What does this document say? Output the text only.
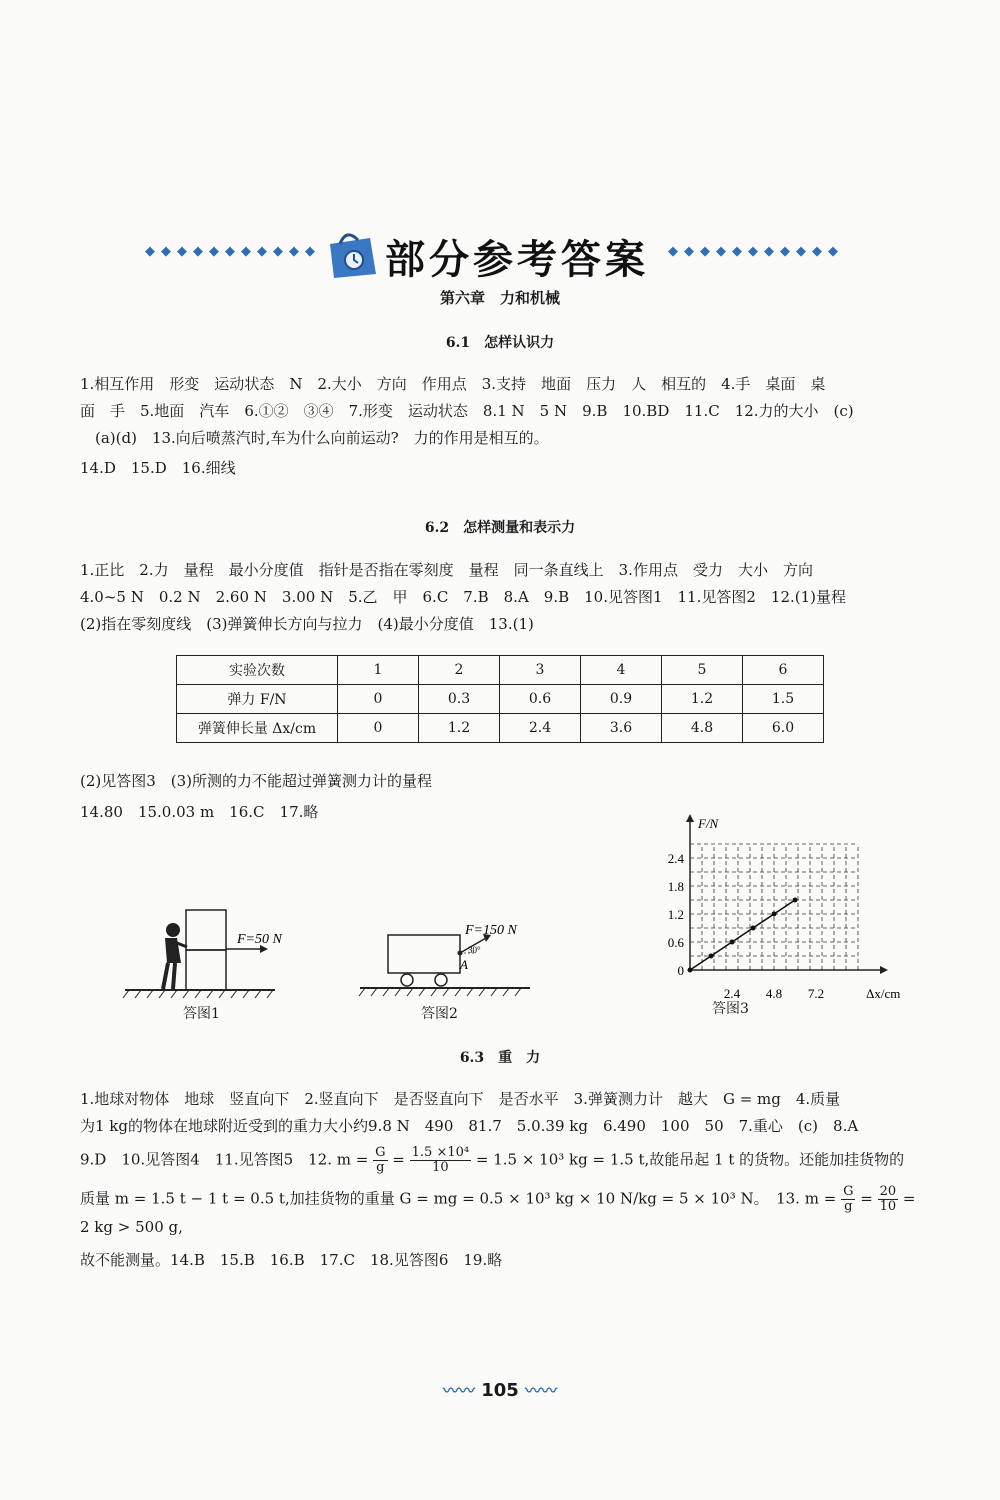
◆◆◆◆◆◆◆◆◆◆◆ 部分参考答案 ◆◆◆◆◆◆◆◆◆◆◆
第六章　力和机械
6.1　怎样认识力
1.相互作用　形变　运动状态　N　2.大小　方向　作用点　3.支持　地面　压力　人　相互的　4.手　桌面　桌
面　手　5.地面　汽车　6.①②　③④　7.形变　运动状态　8.1 N　5 N　9.B　10.BD　11.C　12.力的大小　(c)
　(a)(d)　13.向后喷蒸汽时,车为什么向前运动?　力的作用是相互的。
14.D　15.D　16.细线
6.2　怎样测量和表示力
1.正比　2.力　量程　最小分度值　指针是否指在零刻度　量程　同一条直线上　3.作用点　受力　大小　方向
4.0~5 N　0.2 N　2.60 N　3.00 N　5.乙　甲　6.C　7.B　8.A　9.B　10.见答图1　11.见答图2　12.(1)量程
(2)指在零刻度线　(3)弹簧伸长方向与拉力　(4)最小分度值　13.(1)
实验次数	1	2	3	4	5	6
弹力 F/N	0	0.3	0.6	0.9	1.2	1.5
弹簧伸长量 Δx/cm	0	1.2	2.4	3.6	4.8	6.0
(2)见答图3　(3)所测的力不能超过弹簧测力计的量程
14.80　15.0.03 m　16.C　17.略
F=50 N
答图1
F=150 N
30°
A
答图2
F/N
Δx/cm
2.4
1.8
1.2
0.6
0
2.4 4.8 7.2
答图3
6.3　重　力
1.地球对物体　地球　竖直向下　2.竖直向下　是否竖直向下　是否水平　3.弹簧测力计　越大　G = mg　4.质量
为1 kg的物体在地球附近受到的重力大小约9.8 N　490　81.7　5.0.39 kg　6.490　100　50　7.重心　(c)　8.A
9.D　10.见答图4　11.见答图5　12. $m = \frac{G}{g} = \frac{\text{1.5 ×10⁴}}{10} = 1.5 \times 10^3$ kg = 1.5 t,故能吊起 1 t 的货物。还能加挂货物的
质量 m = 1.5 t − 1 t = 0.5 t,加挂货物的重量 G = mg = 0.5 × 10³ kg × 10 N/kg = 5 × 10³ N。　13. $m = \frac{G}{g} = \frac{20}{10} = 2$ kg > 500 g,
故不能测量。14.B　15.B　16.B　17.C　18.见答图6　19.略
〰〰 105 〰〰
